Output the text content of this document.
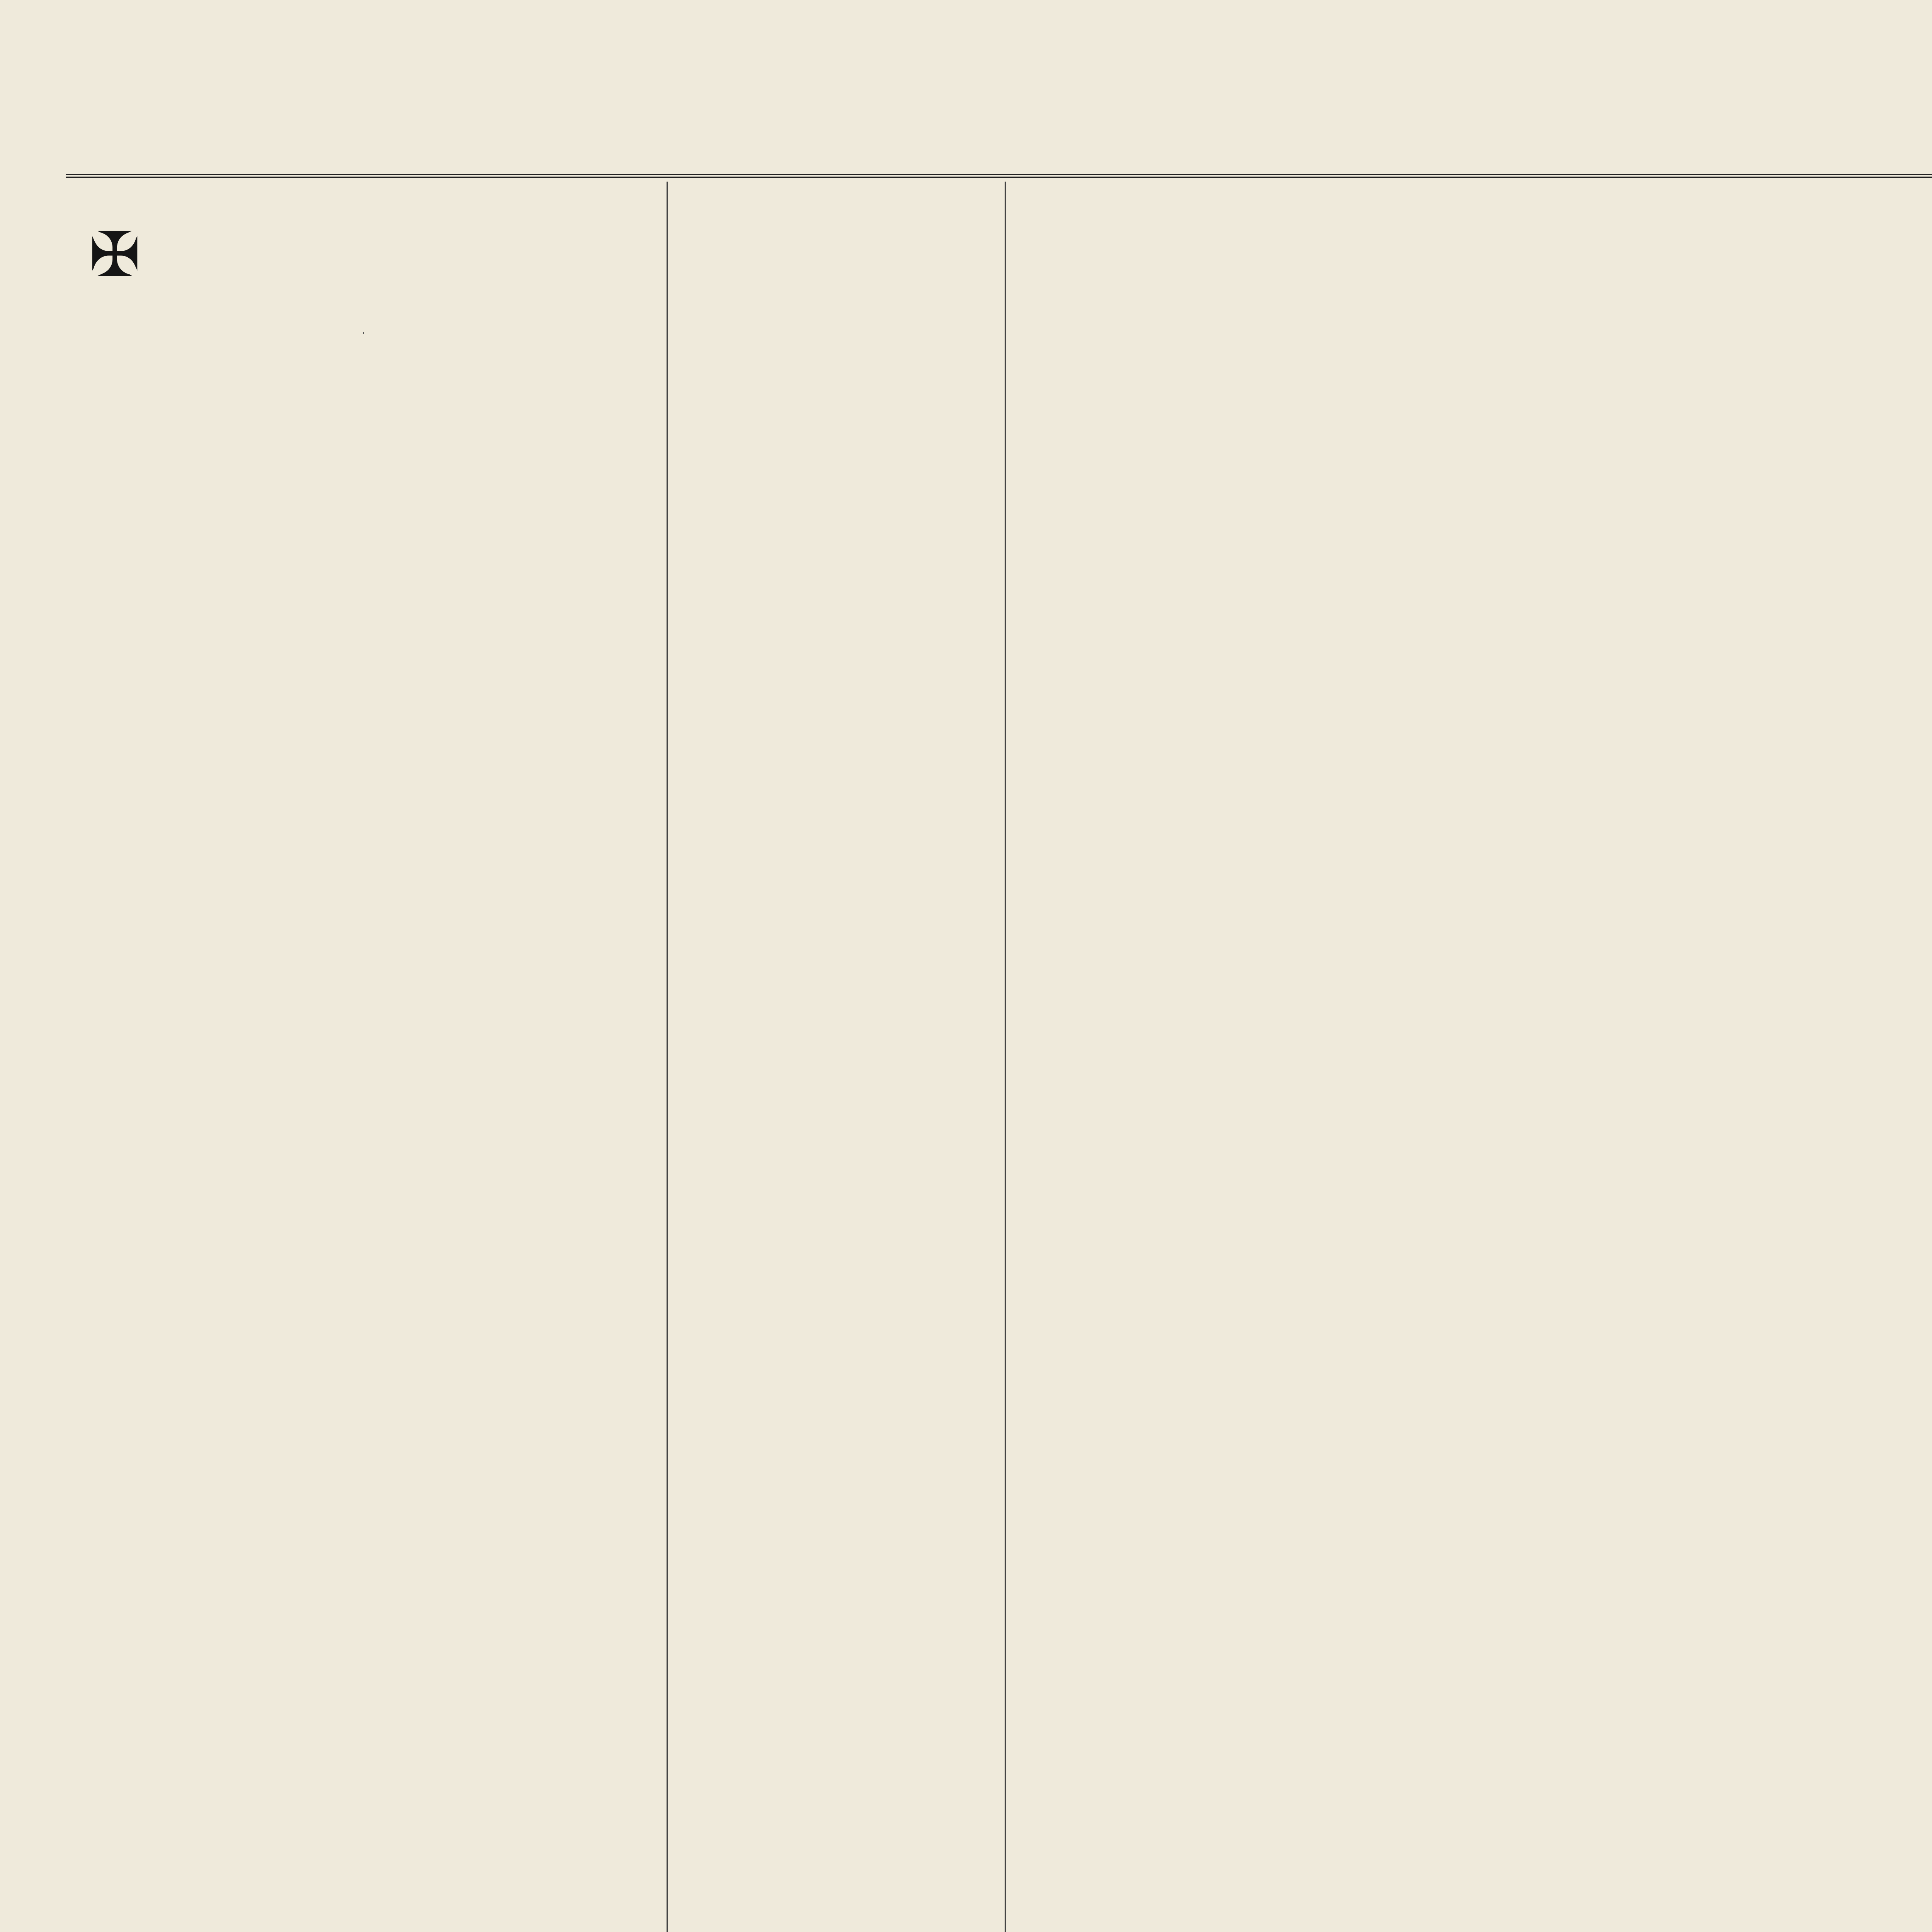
✠
